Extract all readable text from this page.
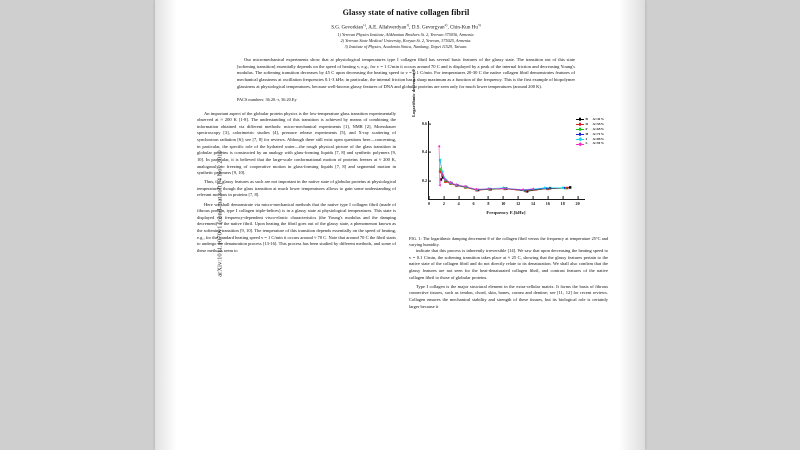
arXiv:1011.1070v1 [cond-mat.soft] 4 Nov 2010
Glassy state of native collagen fibril
S.G. Gevorkian$^{1)}$, A.E. Allahverdyan$^{1)}$, D.S. Gevorgyan$^{2)}$, Chin-Kun Hu$^{3)}$
1) Yerevan Physics Institute, Alikhanian Brothers St. 2, Yerevan 375036, Armenia.
2) Yerevan State Medical University, Koryun St. 2, Yerevan, 375025, Armenia.
3) Institute of Physics, Academia Sinica, Nankang, Taipei 11529, Taiwan.

Our micromechanical experiments show that at physiological temperatures type I collagen fibril has several basic features of the glassy state. The transition out of this state [softening transition] essentially depends on the speed of heating v, e.g., for v = 1 C/min it occurs around 70 C and is displayed by a peak of the internal friction and decreasing Young's modulus. The softening transition decreases by 45 C upon decreasing the heating speed to v = 0.1 C/min. For temperatures 20-30 C the native collagen fibril demonstrates features of mechanical glassiness at oscillation frequencies 0.1-3 kHz; in particular, the internal friction has a sharp maximum as a function of the frequency. This is the first example of biopolymer glassiness at physiological temperatures, because well-known glassy features of DNA and globular proteins are seen only for much lower temperatures (around 200 K).

PACS numbers: 36.20.-r, 36.20.Ey

An important aspect of the globular protein physics is the low-temperature glass transition experimentally observed at ≈ 200 K [1-8]. The understanding of this transition is achieved by means of combining the information obtained via different methods: micro-mechanical experiments [1], NMR [2], Moessbauer spectroscopy [3], calorimetric studies [4], pressure release experiments [5], and X-ray scattering of synchrotron radiation [6]; see [7, 8] for reviews. Although there still exist open questions here—concerning, in particular, the specific role of the hydrated water—the rough physical picture of the glass transition in globular proteins is constructed by an analogy with glass-forming liquids [7, 8] and synthetic polymers [9, 10]. In particular, it is believed that the large-scale conformational motion of proteins freezes at ≈ 200 K, analogously to freezing of cooperative motion in glass-forming liquids [7, 8] and segmental motion in synthetic polymers [9, 10].

Thus, the glassy features as such are not important in the native state of globular proteins at physiological temperatures, though the glass transition at much lower temperatures allows to gain some understanding of relevant motions in proteins [7, 8].

Here we shall demonstrate via micro-mechanical methods that the native type I collagen fibril (made of fibrous protein, type I collagen triple-helices) is in a glassy state at physiological temperatures. This state is displayed via frequency-dependent visco-elastic characteristics (the Young's modulus and the damping decrement) of the native fibril. Upon heating the fibril goes out of the glassy state, a phenomenon known as the softening transition [9, 10]. The temperature of this transition depends essentially on the speed of heating, e.g., for the standard heating speed v = 1 C/min it occurs around ≈ 70 C. Note that around 70 C the fibril starts to undergo the denaturation process [13-16]. This process has been studied by different methods, and some of these methods seem to

Logarithmic decrement θ
0.2
0.4
0.6
0	2	4	6	8	10	12	14	16	18	20
Frequency F.[kHz]
B	A=41%
D	A=55%
F	A=65%
H	A=71%
J	A=85%
L	A=91%
FIG. 1: The logarithmic damping decrement θ of the collagen fibril versus the frequency at temperature 25°C and varying humidity.

indicate that this process is inherently irreversible [14]. We saw that upon decreasing the heating speed to v = 0.1 C/min, the softening transition takes place at ≈ 25 C, showing that the glassy features pertain to the native state of the collagen fibril and do not directly relate to its denaturation. We shall also confirm that the glassy features are not seen for the heat-denaturated collagen fibril, and contrast features of the native collagen fibril to those of globular proteins.

Type I collagen is the major structural element in the extra-cellular matrix. It forms the basis of fibrous connective tissues, such as tendon, chord, skin, bones, cornea and dentine; see [11, 12] for recent reviews. Collagen ensures the mechanical stability and strength of these tissues, but its biological role is certainly larger because it
